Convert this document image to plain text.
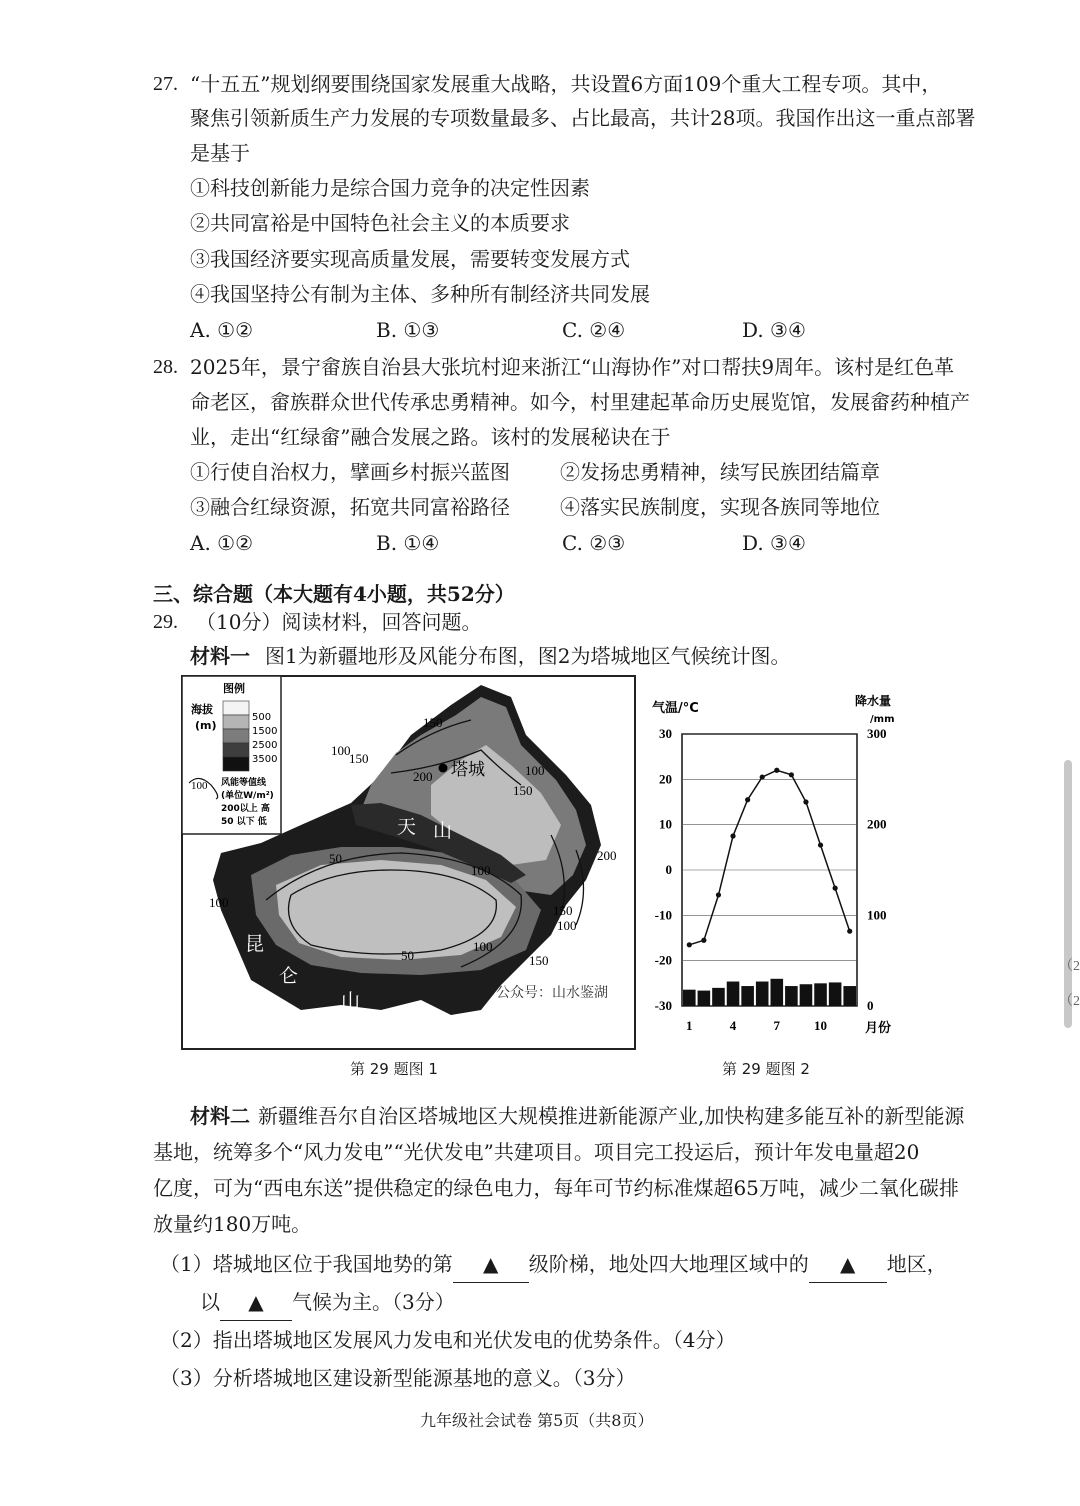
27. “十五五”规划纲要围绕国家发展重大战略，共设置6方面109个重大工程专项。其中，
聚焦引领新质生产力发展的专项数量最多、占比最高，共计28项。我国作出这一重点部署
是基于
①科技创新能力是综合国力竞争的决定性因素
②共同富裕是中国特色社会主义的本质要求
③我国经济要实现高质量发展，需要转变发展方式
④我国坚持公有制为主体、多种所有制经济共同发展
A. ①②	B. ①③	C. ②④	D. ③④
28. 2025年，景宁畲族自治县大张坑村迎来浙江“山海协作”对口帮扶9周年。该村是红色革
命老区，畲族群众世代传承忠勇精神。如今，村里建起革命历史展览馆，发展畲药种植产
业，走出“红绿畲”融合发展之路。该村的发展秘诀在于
①行使自治权力，擘画乡村振兴蓝图	②发扬忠勇精神，续写民族团结篇章
③融合红绿资源，拓宽共同富裕路径	④落实民族制度，实现各族同等地位
A. ①②	B. ①④	C. ②③	D. ③④
三、综合题（本大题有4小题，共52分）
29. （10分）阅读材料，回答问题。
材料一 图1为新疆地形及风能分布图，图2为塔城地区气候统计图。
塔城
天 山
昆
仑
山
150
150
100
200	100
150
200
100
50
150
100
100
50
100
150
公众号：山水鉴湖
图例
海拔
(m)
500
1500
2500
3500
100 风能等值线
(单位W/m²)
200以上 高
50 以下 低
气温/°C	降水量
/mm
30
20
10
0
-10
-20
-30
300
200
100
0
1	4	7	10	月份
第 29 题图 1	第 29 题图 2
材料二 新疆维吾尔自治区塔城地区大规模推进新能源产业,加快构建多能互补的新型能源
基地，统筹多个“风力发电”“光伏发电”共建项目。项目完工投运后，预计年发电量超20
亿度，可为“西电东送”提供稳定的绿色电力，每年可节约标准煤超65万吨，减少二氧化碳排
放量约180万吨。
（1）塔城地区位于我国地势的第 ▲ 级阶梯，地处四大地理区域中的 ▲ 地区，
以 ▲ 气候为主。（3分）
（2）指出塔城地区发展风力发电和光伏发电的优势条件。（4分）
（3）分析塔城地区建设新型能源基地的意义。（3分）
九年级社会试卷 第5页（共8页）
（2
（2
